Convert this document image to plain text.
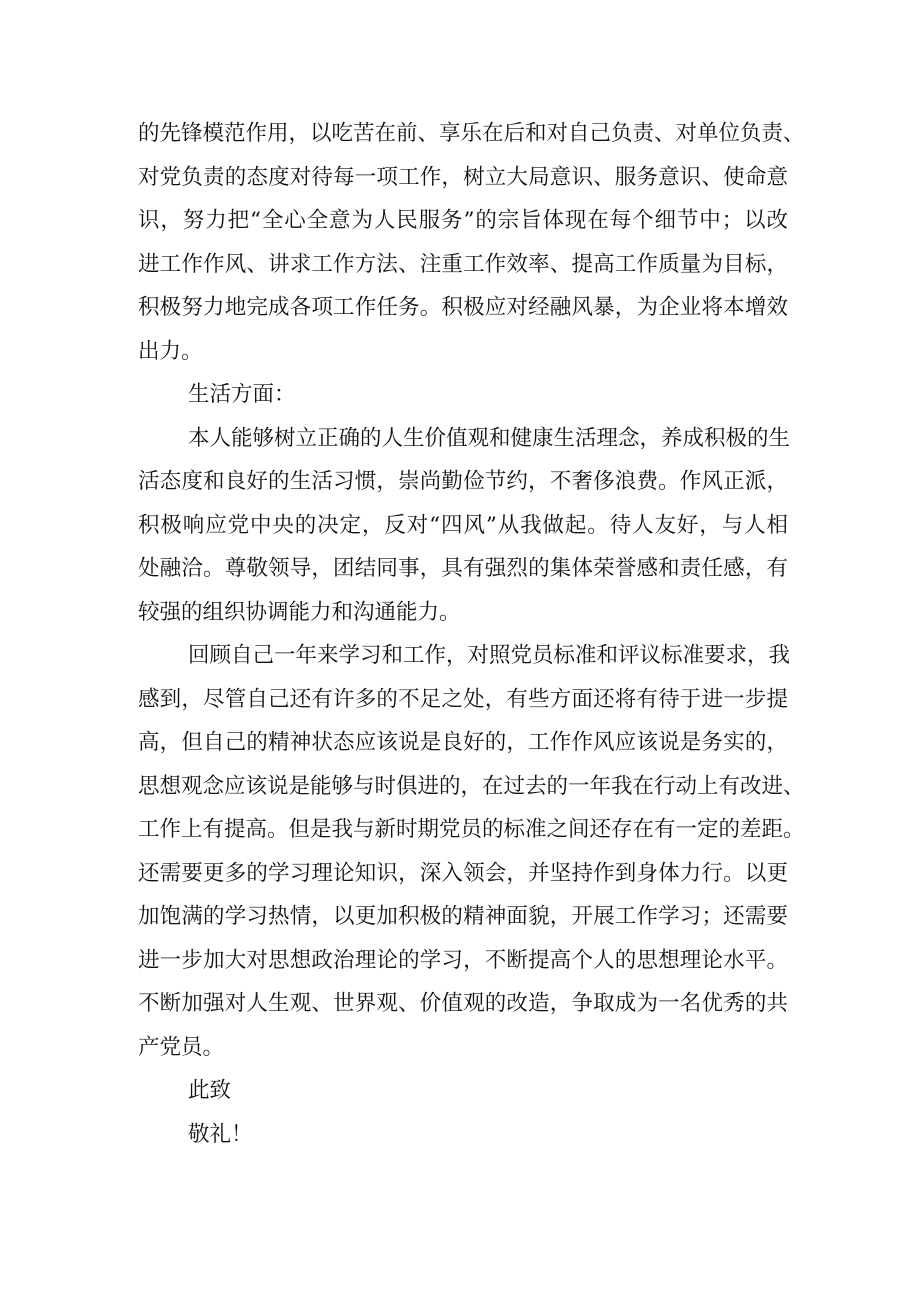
的先锋模范作用，以吃苦在前、享乐在后和对自己负责、对单位负责、
对党负责的态度对待每一项工作，树立大局意识、服务意识、使命意
识，努力把“全心全意为人民服务”的宗旨体现在每个细节中；以改
进工作作风、讲求工作方法、注重工作效率、提高工作质量为目标，
积极努力地完成各项工作任务。积极应对经融风暴，为企业将本增效
出力。
生活方面：
本人能够树立正确的人生价值观和健康生活理念，养成积极的生
活态度和良好的生活习惯，崇尚勤俭节约，不奢侈浪费。作风正派，
积极响应党中央的决定，反对“四风”从我做起。待人友好，与人相
处融洽。尊敬领导，团结同事，具有强烈的集体荣誉感和责任感，有
较强的组织协调能力和沟通能力。
回顾自己一年来学习和工作，对照党员标准和评议标准要求，我
感到，尽管自己还有许多的不足之处，有些方面还将有待于进一步提
高，但自己的精神状态应该说是良好的，工作作风应该说是务实的，
思想观念应该说是能够与时俱进的，在过去的一年我在行动上有改进、
工作上有提高。但是我与新时期党员的标准之间还存在有一定的差距。
还需要更多的学习理论知识，深入领会，并坚持作到身体力行。以更
加饱满的学习热情，以更加积极的精神面貌，开展工作学习；还需要
进一步加大对思想政治理论的学习，不断提高个人的思想理论水平。
不断加强对人生观、世界观、价值观的改造，争取成为一名优秀的共
产党员。
此致
敬礼！
